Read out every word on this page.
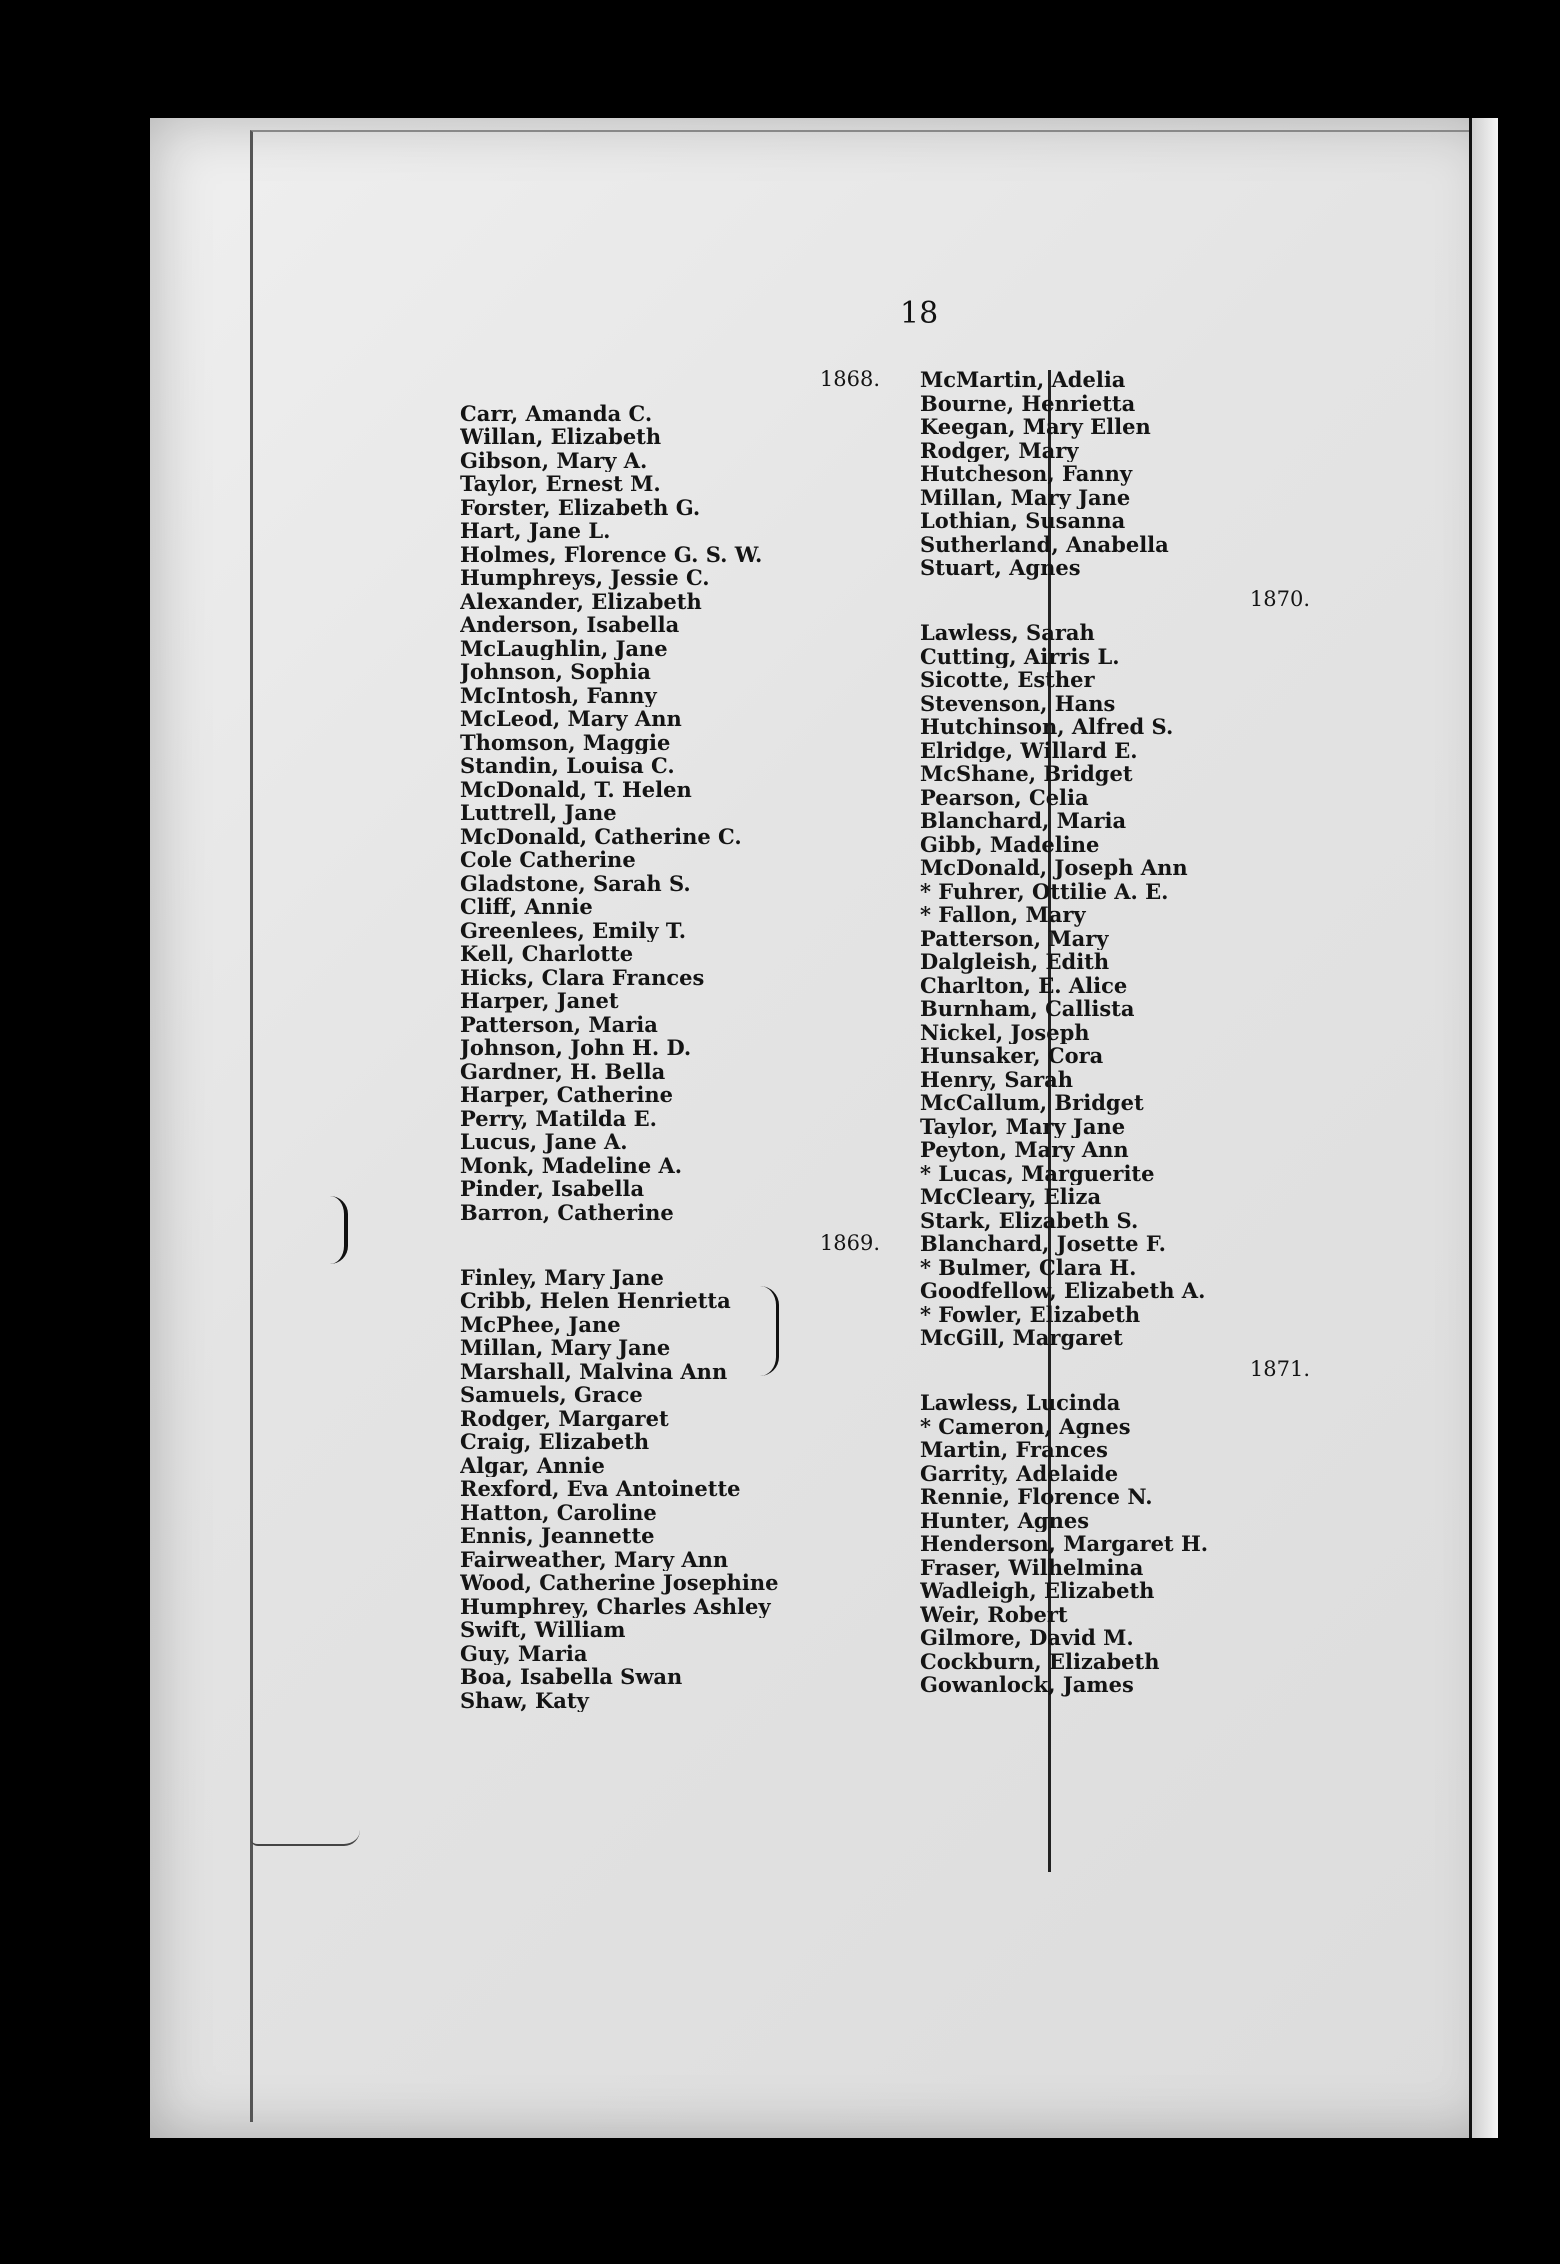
18
1868.
Carr, Amanda C.
Willan, Elizabeth
Gibson, Mary A.
Taylor, Ernest M.
Forster, Elizabeth G.
Hart, Jane L.
Holmes, Florence G. S. W.
Humphreys, Jessie C.
Alexander, Elizabeth
Anderson, Isabella
McLaughlin, Jane
Johnson, Sophia
McIntosh, Fanny
McLeod, Mary Ann
Thomson, Maggie
Standin, Louisa C.
McDonald, T. Helen
Luttrell, Jane
McDonald, Catherine C.
Cole Catherine
Gladstone, Sarah S.
Cliff, Annie
Greenlees, Emily T.
Kell, Charlotte
Hicks, Clara Frances
Harper, Janet
Patterson, Maria
Johnson, John H. D.
Gardner, H. Bella
Harper, Catherine
Perry, Matilda E.
Lucus, Jane A.
Monk, Madeline A.
Pinder, Isabella
Barron, Catherine
1869.
Finley, Mary Jane
Cribb, Helen Henrietta
McPhee, Jane
Millan, Mary Jane
Marshall, Malvina Ann
Samuels, Grace
Rodger, Margaret
Craig, Elizabeth
Algar, Annie
Rexford, Eva Antoinette
Hatton, Caroline
Ennis, Jeannette
Fairweather, Mary Ann
Wood, Catherine Josephine
Humphrey, Charles Ashley
Swift, William
Guy, Maria
Boa, Isabella Swan
Shaw, Katy
McMartin, Adelia
Bourne, Henrietta
Keegan, Mary Ellen
Rodger, Mary
Hutcheson, Fanny
Millan, Mary Jane
Lothian, Susanna
Sutherland, Anabella
Stuart, Agnes
1870.
Lawless, Sarah
Cutting, Airris L.
Sicotte, Esther
Stevenson, Hans
Hutchinson, Alfred S.
Elridge, Willard E.
McShane, Bridget
Pearson, Celia
Blanchard, Maria
Gibb, Madeline
McDonald, Joseph Ann
* Fuhrer, Ottilie A. E.
* Fallon, Mary
Patterson, Mary
Dalgleish, Edith
Charlton, E. Alice
Burnham, Callista
Nickel, Joseph
Hunsaker, Cora
Henry, Sarah
McCallum, Bridget
Taylor, Mary Jane
Peyton, Mary Ann
* Lucas, Marguerite
McCleary, Eliza
Stark, Elizabeth S.
Blanchard, Josette F.
* Bulmer, Clara H.
Goodfellow, Elizabeth A.
* Fowler, Elizabeth
McGill, Margaret
1871.
Lawless, Lucinda
* Cameron, Agnes
Martin, Frances
Garrity, Adelaide
Rennie, Florence N.
Hunter, Agnes
Henderson, Margaret H.
Fraser, Wilhelmina
Wadleigh, Elizabeth
Weir, Robert
Gilmore, David M.
Cockburn, Elizabeth
Gowanlock, James
